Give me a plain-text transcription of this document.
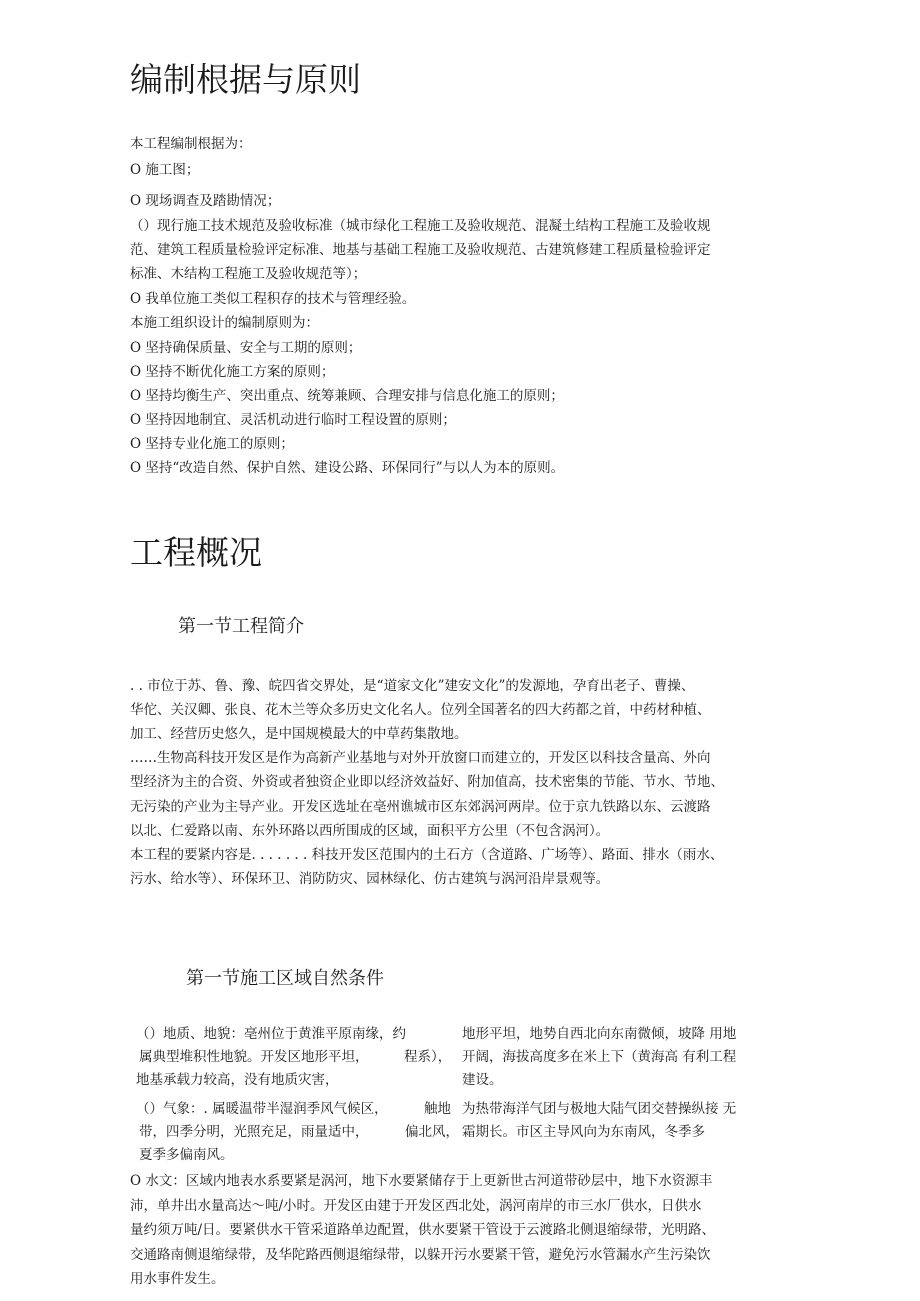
编制根据与原则
本工程编制根据为：
O 施工图；
O 现场调查及踏勘情况；
（）现行施工技术规范及验收标准（城市绿化工程施工及验收规范、混凝土结构工程施工及验收规
范、建筑工程质量检验评定标准、地基与基础工程施工及验收规范、古建筑修建工程质量检验评定
标准、木结构工程施工及验收规范等）；
O 我单位施工类似工程积存的技术与管理经验。
本施工组织设计的编制原则为：
O 坚持确保质量、安全与工期的原则；
O 坚持不断优化施工方案的原则；
O 坚持均衡生产、突出重点、统筹兼顾、合理安排与信息化施工的原则；
O 坚持因地制宜、灵活机动进行临时工程设置的原则；
O 坚持专业化施工的原则；
O 坚持“改造自然、保护自然、建设公路、环保同行”与以人为本的原则。
工程概况
第一节工程简介
. . 市位于苏、鲁、豫、皖四省交界处，是“道家文化”建安文化”的发源地，孕育出老子、曹操、
华佗、关汉卿、张良、花木兰等众多历史文化名人。位列全国著名的四大药都之首，中药材种植、
加工、经营历史悠久，是中国规模最大的中草药集散地。
……生物高科技开发区是作为高新产业基地与对外开放窗口而建立的，开发区以科技含量高、外向
型经济为主的合资、外资或者独资企业即以经济效益好、附加值高，技术密集的节能、节水、节地、
无污染的产业为主导产业。开发区选址在亳州谯城市区东郊涡河两岸。位于京九铁路以东、云渡路
以北、仁爱路以南、东外环路以西所围成的区域，面积平方公里（不包含涡河）。
本工程的要紧内容是. . . . . . . 科技开发区范围内的土石方（含道路、广场等）、路面、排水（雨水、
污水、给水等）、环保环卫、消防防灾、园林绿化、仿古建筑与涡河沿岸景观等。
第一节施工区域自然条件
（）地质、地貌：亳州位于黄淮平原南缘，约
属典型堆积性地貌。开发区地形平坦，
地基承载力较高，没有地质灾害，
（）气象：. 属暖温带半湿润季风气候区，
带，四季分明，光照充足，雨量适中，
夏季多偏南风。
程系），
触地
偏北风，
地形平坦，地势自西北向东南微倾，坡降 用地
开阔，海拔高度多在米上下（黄海高 有利工程
建设。
为热带海洋气团与极地大陆气团交替操纵接 无
霜期长。市区主导风向为东南风，冬季多
O 水文：区域内地表水系要紧是涡河，地下水要紧储存于上更新世古河道带砂层中，地下水资源丰
沛，单井出水量高达～吨/小时。开发区由建于开发区西北处，涡河南岸的市三水厂供水，日供水
量约须万吨/日。要紧供水干管采道路单边配置，供水要紧干管设于云渡路北侧退缩绿带，光明路、
交通路南侧退缩绿带，及华陀路西侧退缩绿带，以躲开污水要紧干管，避免污水管漏水产生污染饮
用水事件发生。
